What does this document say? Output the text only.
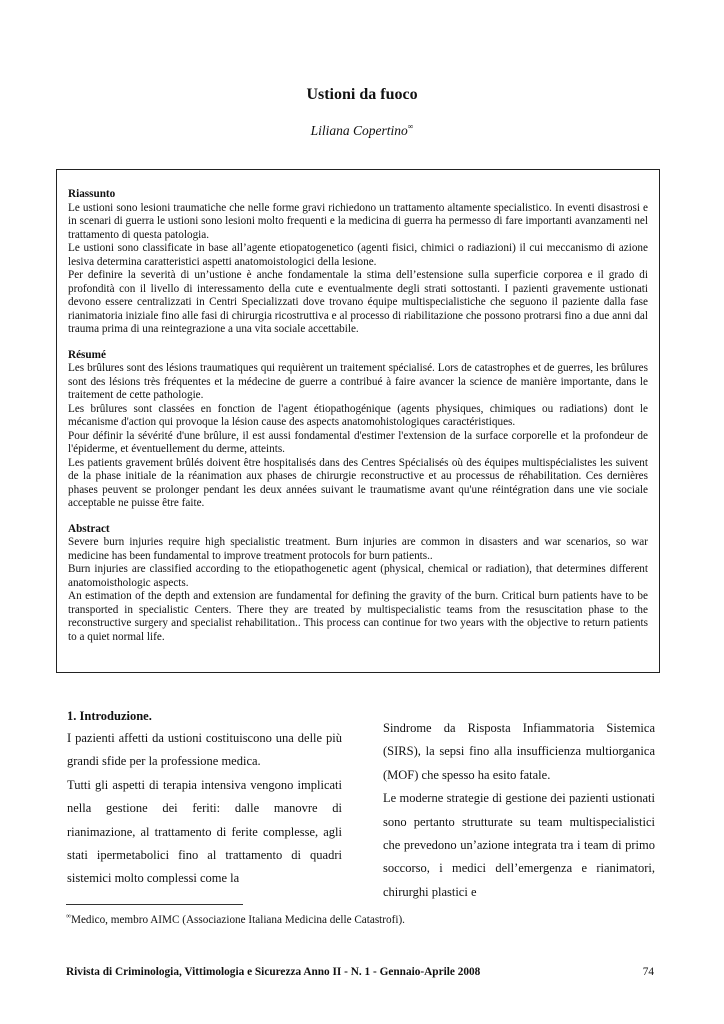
Ustioni da fuoco
Liliana Copertino∞
Riassunto

Le ustioni sono lesioni traumatiche che nelle forme gravi richiedono un trattamento altamente specialistico. In eventi disastrosi e in scenari di guerra le ustioni sono lesioni molto frequenti e la medicina di guerra ha permesso di fare importanti avanzamenti nel trattamento di questa patologia.

Le ustioni sono classificate in base all’agente etiopatogenetico (agenti fisici, chimici o radiazioni) il cui meccanismo di azione lesiva determina caratteristici aspetti anatomoistologici della lesione.

Per definire la severità di un’ustione è anche fondamentale la stima dell’estensione sulla superficie corporea e il grado di profondità con il livello di interessamento della cute e eventualmente degli strati sottostanti. I pazienti gravemente ustionati devono essere centralizzati in Centri Specializzati dove trovano équipe multispecialistiche che seguono il paziente dalla fase rianimatoria iniziale fino alle fasi di chirurgia ricostruttiva e al processo di riabilitazione che possono protrarsi fino a due anni dal trauma prima di una reintegrazione a una vita sociale accettabile.

Résumé

Les brûlures sont des lésions traumatiques qui requièrent un traitement spécialisé. Lors de catastrophes et de guerres, les brûlures sont des lésions très fréquentes et la médecine de guerre a contribué à faire avancer la science de manière importante, dans le traitement de cette pathologie.

Les brûlures sont classées en fonction de l'agent étiopathogénique (agents physiques, chimiques ou radiations) dont le mécanisme d'action qui provoque la lésion cause des aspects anatomohistologiques caractéristiques.

Pour définir la sévérité d'une brûlure, il est aussi fondamental d'estimer l'extension de la surface corporelle et la profondeur de l'épiderme, et éventuellement du derme, atteints.

Les patients gravement brûlés doivent être hospitalisés dans des Centres Spécialisés où des équipes multispécialistes les suivent de la phase initiale de la réanimation aux phases de chirurgie reconstructive et au processus de réhabilitation. Ces dernières phases peuvent se prolonger pendant les deux années suivant le traumatisme avant qu'une réintégration dans une vie sociale acceptable ne puisse être faite.

Abstract

Severe burn injuries require high specialistic treatment. Burn injuries are common in disasters and war scenarios, so war medicine has been fundamental to improve treatment protocols for burn patients..

Burn injuries are classified according to the etiopathogenetic agent (physical, chemical or radiation), that determines different anatomoisthologic aspects.

An estimation of the depth and extension are fundamental for defining the gravity of the burn. Critical burn patients have to be transported in specialistic Centers. There they are treated by multispecialistic teams from the resuscitation phase to the reconstructive surgery and specialist rehabilitation.. This process can continue for two years with the objective to return patients to a quiet normal life.

1. Introduzione.

I pazienti affetti da ustioni costituiscono una delle più grandi sfide per la professione medica.

Tutti gli aspetti di terapia intensiva vengono implicati nella gestione dei feriti: dalle manovre di rianimazione, al trattamento di ferite complesse, agli stati ipermetabolici fino al trattamento di quadri sistemici molto complessi come la

Sindrome da Risposta Infiammatoria Sistemica (SIRS), la sepsi fino alla insufficienza multiorganica (MOF) che spesso ha esito fatale.

Le moderne strategie di gestione dei pazienti ustionati sono pertanto strutturate su team multispecialistici che prevedono un’azione integrata tra i team di primo soccorso, i medici dell’emergenza e rianimatori, chirurghi plastici e

∞Medico, membro AIMC (Associazione Italiana Medicina delle Catastrofi).
Rivista di Criminologia, Vittimologia e Sicurezza Anno II - N. 1 - Gennaio-Aprile 2008	74
